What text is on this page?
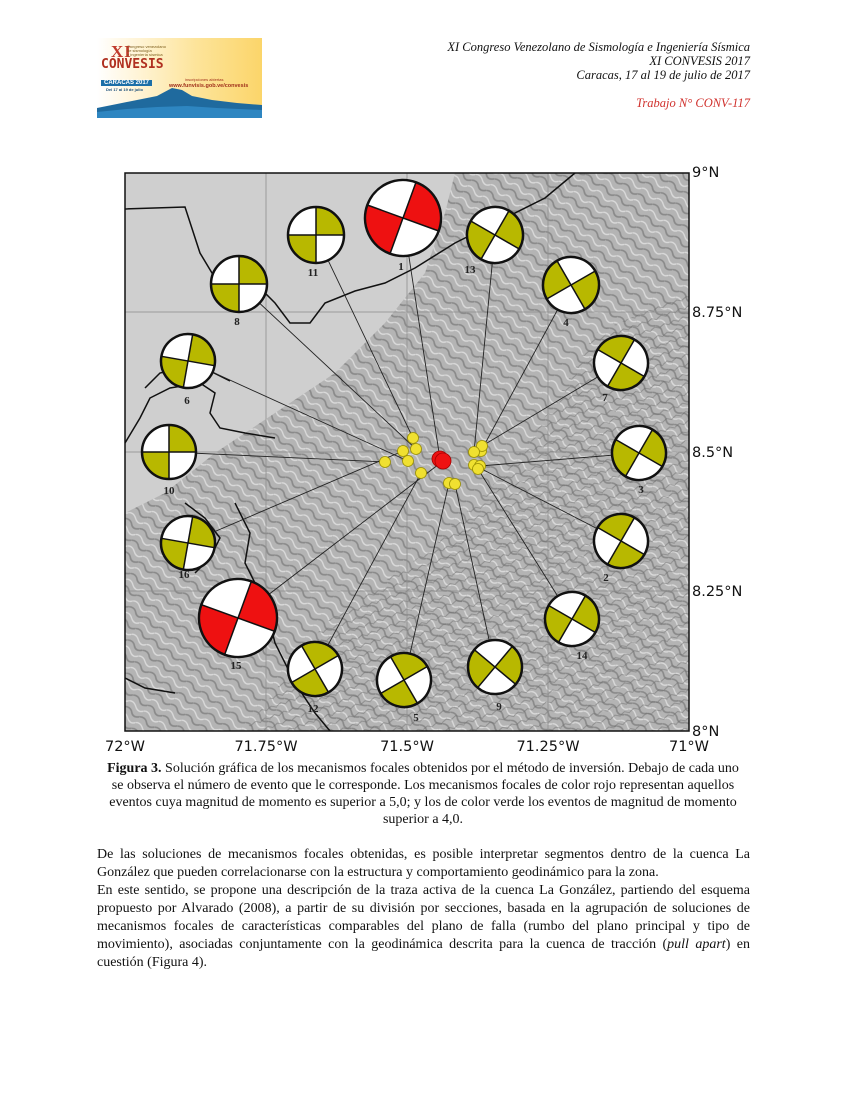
XI
CONVESIS
Congreso venezolano
de sismología
e ingeniería sísmica
CARACAS 2017
Del 17 al 19 de julio
inscripciones abiertas
www.funvisis.gob.ve/convesis
XI Congreso Venezolano de Sismología e Ingeniería Sísmica
XI CONVESIS 2017
Caracas, 17 al 19 de julio de 2017
Trabajo N° CONV-117
1
2
3
4
5
6	7
8
9
10
11
12
13
14
15
16
9°N
8.75°N
8.5°N
8.25°N
8°N
72°W	71.75°W	71.5°W	71.25°W	71°W
Figura 3. Solución gráfica de los mecanismos focales obtenidos por el método de inversión. Debajo de cada uno se observa el número de evento que le corresponde. Los mecanismos focales de color rojo representan aquellos eventos cuya magnitud de momento es superior a 5,0; y los de color verde los eventos de magnitud de momento superior a 4,0.

De las soluciones de mecanismos focales obtenidas, es posible interpretar segmentos dentro de la cuenca La González que pueden correlacionarse con la estructura y comportamiento geodinámico para la zona.

En este sentido, se propone una descripción de la traza activa de la cuenca La González, partiendo del esquema propuesto por Alvarado (2008), a partir de su división por secciones, basada en la agrupación de soluciones de mecanismos focales de características comparables del plano de falla (rumbo del plano principal y tipo de movimiento), asociadas conjuntamente con la geodinámica descrita para la cuenca de tracción (pull apart) en cuestión (Figura 4).
